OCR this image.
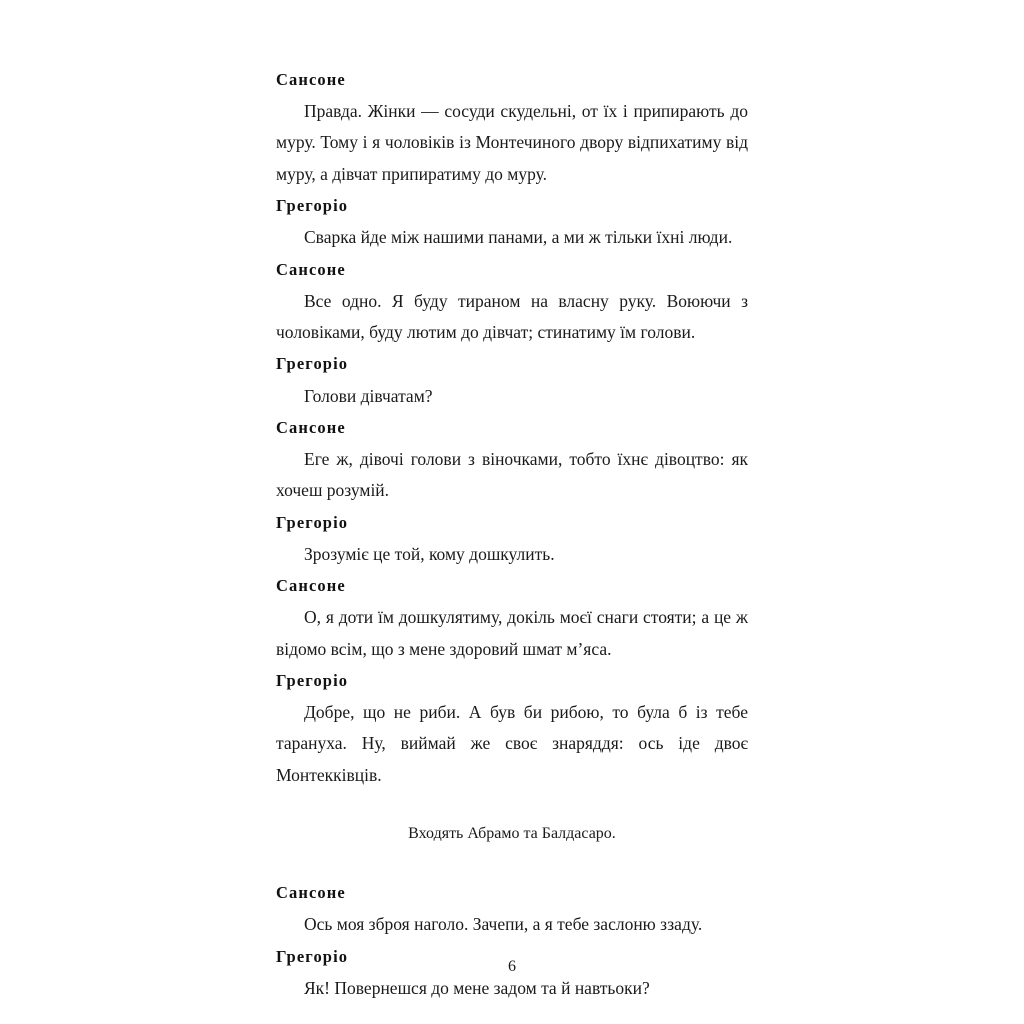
Сансоне

Правда. Жінки — сосуди скудельні, от їх і припирають до муру. Тому і я чоловіків із Монтечиного двору відпихатиму від муру, а дівчат припиратиму до муру.

Грегоріо

Сварка йде між нашими панами, а ми ж тільки їхні люди.

Сансоне

Все одно. Я буду тираном на власну руку. Воюючи з чоловіками, буду лютим до дівчат; стинатиму їм голови.

Грегоріо

Голови дівчатам?

Сансоне

Еге ж, дівочі голови з віночками, тобто їхнє дівоцтво: як хочеш розумій.

Грегоріо

Зрозуміє це той, кому дошкулить.

Сансоне

О, я доти їм дошкулятиму, докіль моєї снаги стояти; а це ж відомо всім, що з мене здоровий шмат м’яса.

Грегоріо

Добре, що не риби. А був би рибою, то була б із тебе тарануха. Ну, виймай же своє знаряддя: ось іде двоє Монтекківців.

Входять Абрамо та Балдасаро.

Сансоне

Ось моя зброя наголо. Зачепи, а я тебе заслоню ззаду.

Грегоріо

Як! Повернешся до мене задом та й навтьоки?

6
